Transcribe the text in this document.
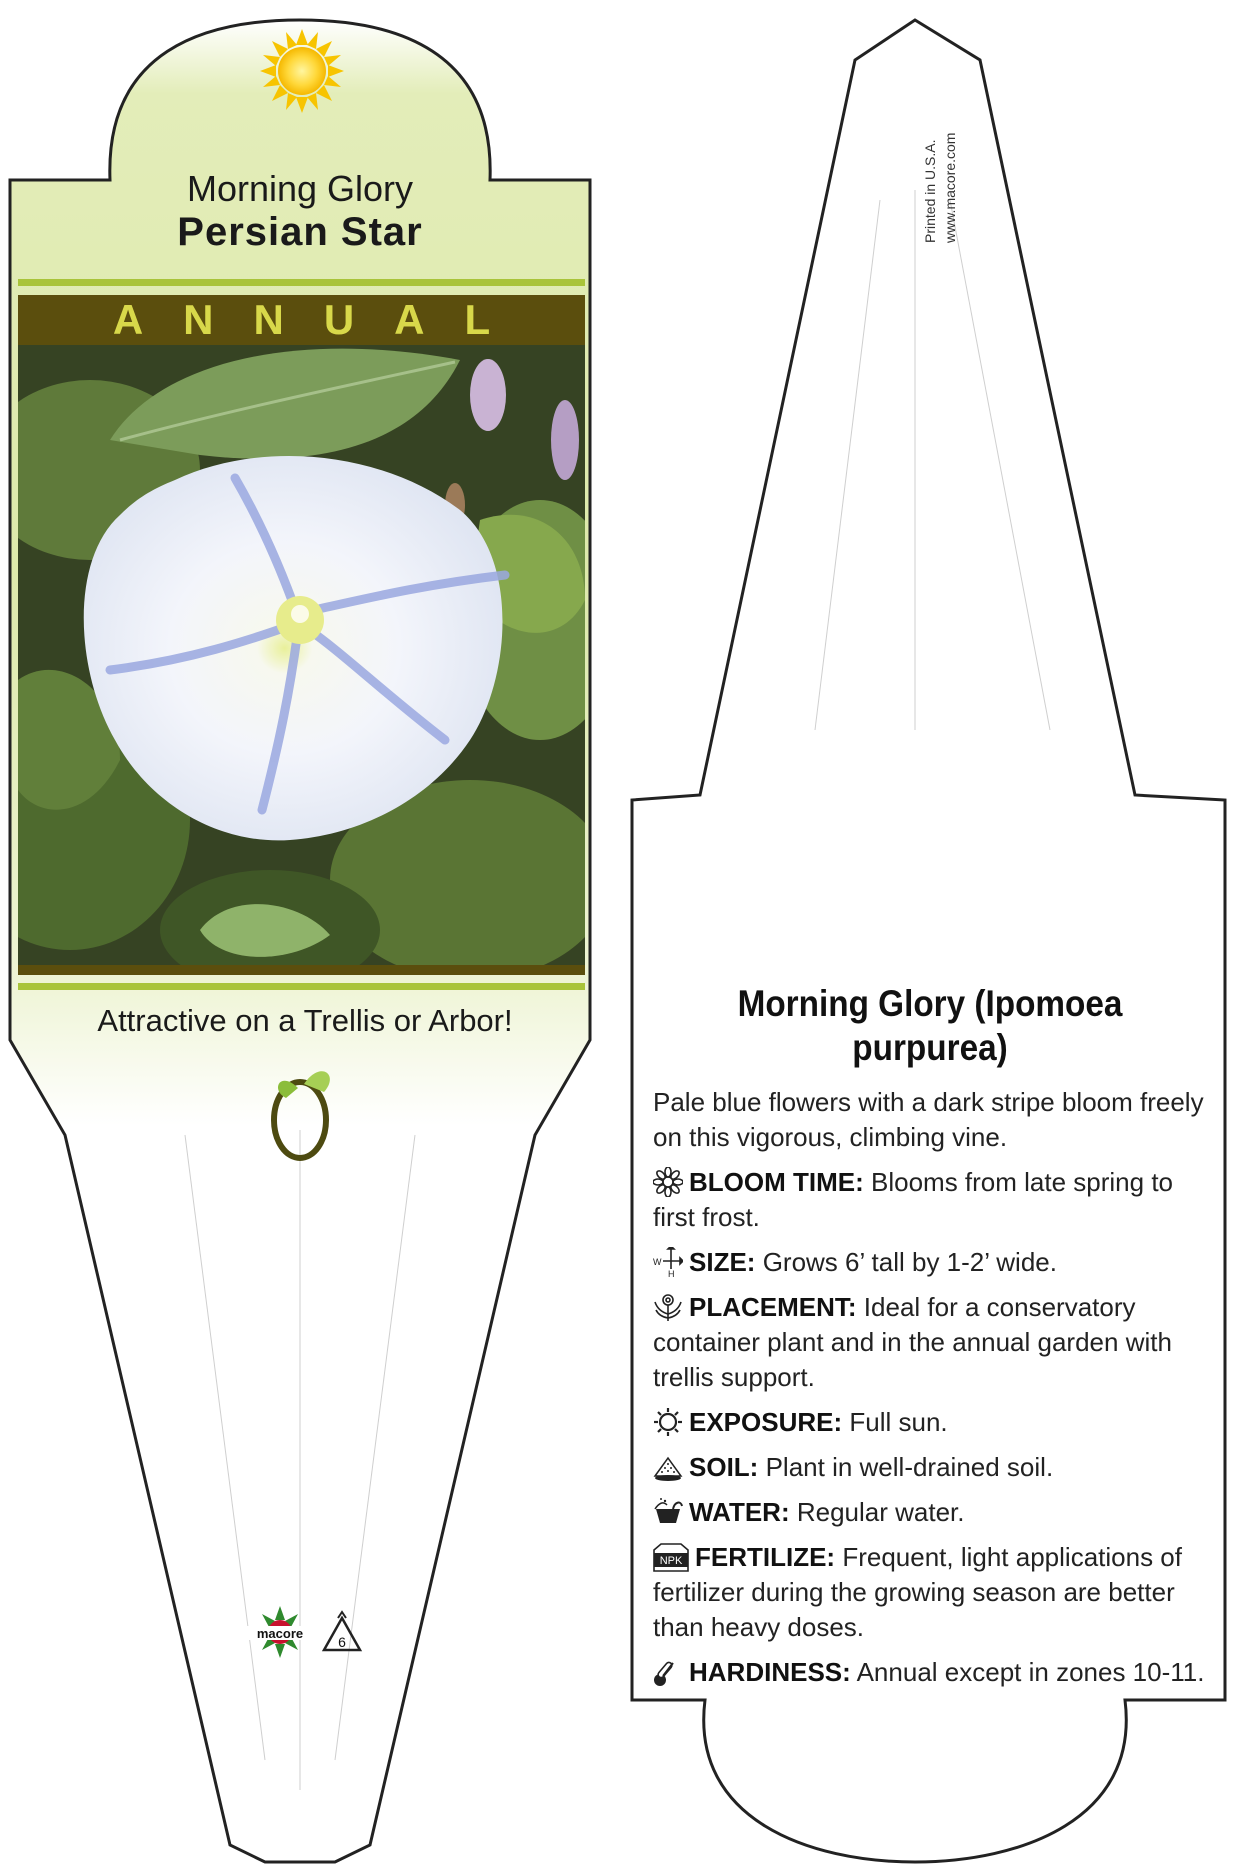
Morning Glory
Persian Star
ANNUAL
Attractive on a Trellis or Arbor!
macore
6
Printed in U.S.A. www.macore.com
Morning Glory (Ipomoea purpurea)

Pale blue flowers with a dark stripe bloom freely on this vigorous, climbing vine.

BLOOM TIME: Blooms from late spring to first frost.

W
H SIZE: Grows 6’ tall by 1-2’ wide.

PLACEMENT: Ideal for a conservatory container plant and in the annual garden with trellis support.

EXPOSURE: Full sun.

SOIL: Plant in well-drained soil.

WATER: Regular water.

NPK FERTILIZE: Frequent, light applications of fertilizer during the growing season are better than heavy doses.

HARDINESS: Annual except in zones 10-11.
